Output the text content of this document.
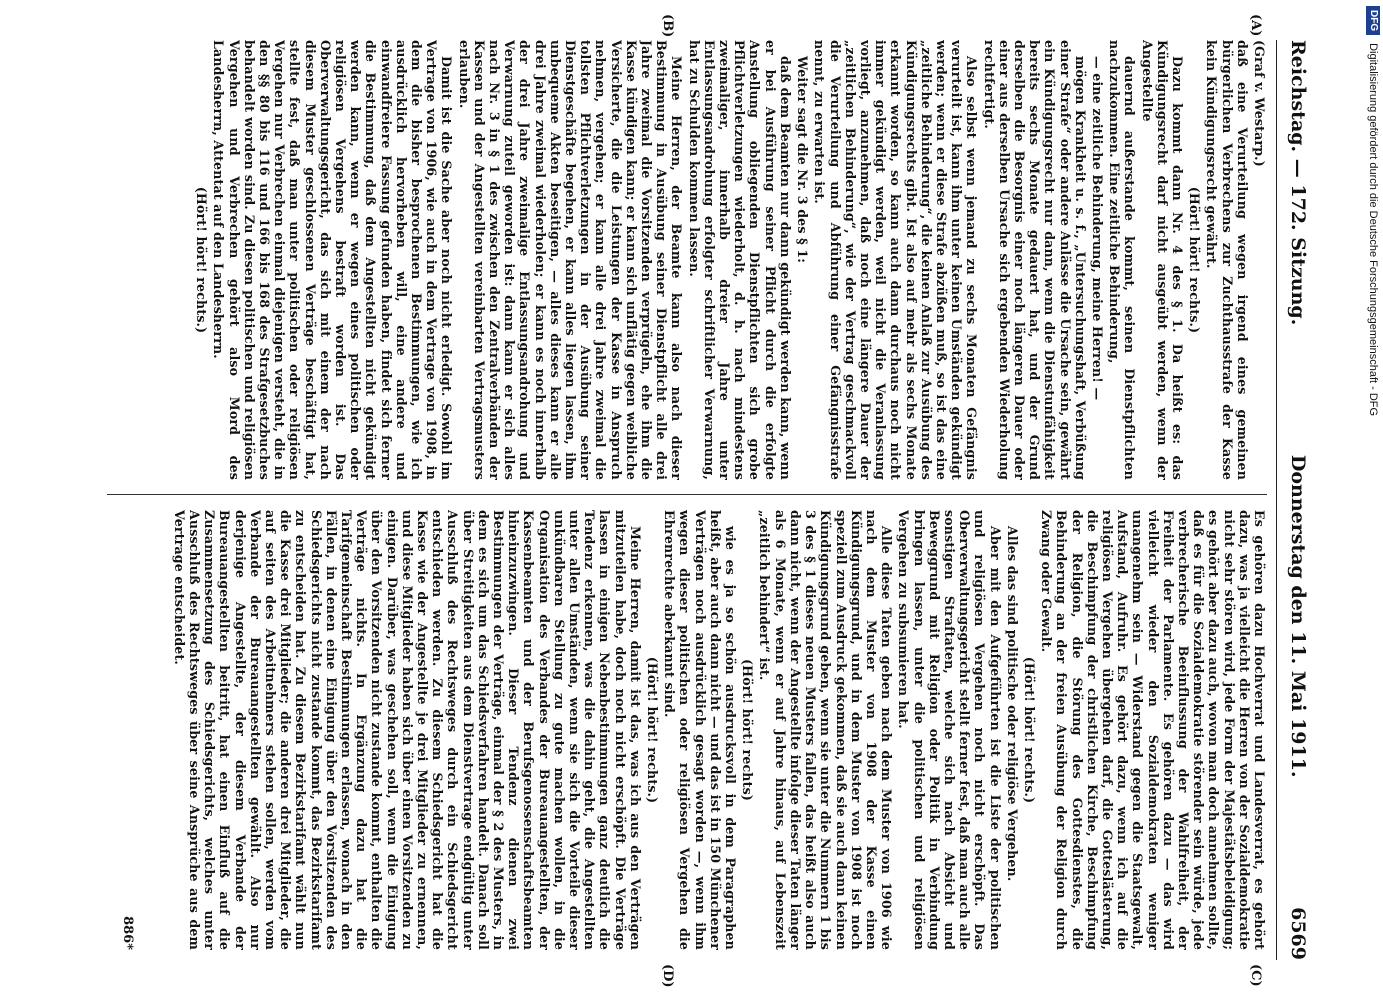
Reichstag. — 172. Sitzung.
Donnerstag den 11. Mai 1911.
6569
(A)
(B)
(C)
(D)

(Graf v. Westarp.)

daß eine Verurteilung wegen irgend eines gemeinen bürgerlichen Verbrechens zur Zuchthausstrafe der Kasse kein Kündigungsrecht gewährt.

(Hört! hört! rechts.)

Dazu kommt dann Nr. 4 des § 1. Da heißt es: das Kündigungsrecht darf nicht ausgeübt werden, wenn der Angestellte

dauernd außerstande kommt, seinen Dienstpflichten nachzukommen. Eine zeitliche Behinderung,

— eine zeitliche Behinderung, meine Herren! —

mögen Krankheit u. s. f., „Untersuchungshaft, Verbüßung einer Strafe“ oder andere Anlässe die Ursache sein, gewährt ein Kündigungsrecht nur dann, wenn die Dienstunfähigkeit bereits sechs Monate gedauert hat, und der Grund derselben die Besorgnis einer noch längeren Dauer oder einer aus derselben Ursache sich ergebenden Wiederholung rechtfertigt.

Also selbst wenn jemand zu sechs Monaten Gefängnis verurteilt ist, kann ihm unter keinen Umständen gekündigt werden; wenn er diese Strafe abzüßen muß, so ist das eine „zeitliche Behinderung“, die keinen Anlaß zur Ausübung des Kündigungsrechts gibt. Ist also auf mehr als sechs Monate erkannt worden, so kann auch dann durchaus noch nicht immer gekündigt werden, weil nicht die Veranlassung vorliegt, anzunehmen, daß noch eine längere Dauer der „zeitlichen Behinderung“, wie der Vertrag geschmackvoll die Verurteilung und Abführung einer Gefängnisstrafe nennt, zu erwarten ist.

Weiter sagt die Nr. 3 des § 1:

daß dem Beamten nur dann gekündigt werden kann, wenn er bei Ausführung seiner Pflicht durch die erfolgte Anstellung obliegenden Dienstpflichten sich grobe Pflichtverletzungen wiederholt, d. h. nach mindestens zweimaliger, innerhalb dreier Jahre unter Entlassungsandrohung erfolgter schriftlicher Verwarnung, hat zu Schulden kommen lassen.

Meine Herren, der Beamte kann also nach dieser Bestimmung in Ausübung seiner Dienstpflicht alle drei Jahre zweimal die Vorsitzenden verprügeln, ehe ihm die Kasse kündigen kann; er kann sich unflätig gegen weibliche Versicherte, die die Leistungen der Kasse in Anspruch nehmen, vergehen; er kann alle drei Jahre zweimal die tollsten Pflichtverletzungen in der Ausübung seiner Dienstgeschäfte begehen, er kann alles liegen lassen, ihm unbequeme Akten beseitigen, — alles dieses kann er alle drei Jahre zweimal wiederholen; er kann es noch innerhalb der drei Jahre zweimalige Entlassungsandrohung und Verwarnung zuteil geworden ist: dann kann er sich alles nach Nr. 3 in § 1 des zwischen den Zentralverbänden der Kassen und der Angestellten vereinbarten Vertragsmusters erlauben.

Damit ist die Sache aber noch nicht erledigt. Sowohl im Vertrage von 1906, wie auch in dem Vertrage von 1908, in dem die bisher besprochenen Bestimmungen, wie ich ausdrücklich hervorheben will, eine andere und einwandfreiere Fassung gefunden haben, findet sich ferner die Bestimmung, daß dem Angestellten nicht gekündigt werden kann, wenn er wegen eines politischen oder religiösen Vergehens bestraft worden ist. Das Oberverwaltungsgericht, das sich mit einem der nach diesem Muster geschlossenen Verträge beschäftigt hat, stellte fest, daß man unter politischen oder religiösen Vergehen nur Verbrechen einmal diejenigen versteht, die in den §§ 80 bis 116 und 166 bis 168 des Strafgesetzbuches behandelt worden sind. Zu diesen politischen und religiösen Vergehen und Verbrechen gehört also Mord des Landesherrn, Attentat auf den Landesherrn.

(Hört! hört! rechts.)

Es gehören dazu Hochverrat und Landesverrat, es gehört dazu, was ja vielleicht die Herren von der Sozialdemokratie nicht sehr stören wird, jede Form der Majestätsbeleidigung; es gehört aber dazu auch, wovon man doch annehmen sollte, daß es für die Sozialdemokratie störender sein würde, jede verbrecherische Beeinflussung der Wahlfreiheit, der Freiheit der Parlamente. Es gehören dazu — das wird vielleicht wieder den Sozialdemokraten weniger unangenehm sein — Widerstand gegen die Staatsgewalt, Aufstand, Aufruhr. Es gehört dazu, wenn ich auf die religiösen Vergehen übergehen darf, die Gotteslästerung, die Beschimpfung der christlichen Kirche, Beschimpfung der Religion, die Störung des Gottesdienstes, die Behinderung an der freien Ausübung der Religion durch Zwang oder Gewalt.

(Hört! hört! rechts.)

Alles das sind politische oder religiöse Vergehen.

Aber mit den Aufgeführten ist die Liste der politischen und religiösen Vergehen noch nicht erschöpft. Das Oberverwaltungsgericht stellt ferner fest, daß man auch alle sonstigen Straftaten, welche sich nach Absicht und Beweggrund mit Religion oder Politik in Verbindung bringen lassen, unter die politischen und religiösen Vergehen zu subsumieren hat.

Alle diese Taten geben nach dem Muster von 1906 wie nach dem Muster von 1908 der Kasse einen Kündigungsgrund, und in dem Muster von 1908 ist noch speziell zum Ausdruck gekommen, daß sie auch dann keinen Kündigungsgrund geben, wenn sie unter die Nummern 1 bis 3 des § 1 dieses neuen Musters fallen, das heißt also auch dann nicht, wenn der Angestellte infolge dieser Taten länger als 6 Monate, wenn er auf Jahre hinaus, auf Lebenszeit „zeitlich behindert“ ist.

(Hört! hört! rechts)

wie es ja so schön ausdrucksvoll in dem Paragraphen heißt, aber auch dann nicht — und das ist in 150 Münchener Verträgen noch ausdrücklich gesagt worden —, wenn ihm wegen dieser politischen oder religiösen Vergehen die Ehrenrechte aberkannt sind.

(Hört! hört! rechts.)

Meine Herren, damit ist das, was ich aus den Verträgen mitzuteilen habe, doch noch nicht erschöpft. Die Verträge lassen in einigen Nebenbestimmungen ganz deutlich die Tendenz erkennen, was die dahin geht, die Angestellten unter allen Umständen, wenn sie sich die Vorteile dieser unkündbaren Stellung zu gute machen wollen, in die Organisation des Verbandes der Bureauangestellten, der Kassenbeamten und der Berufsgenossenschaftsbeamten hineinzuzwingen. Dieser Tendenz dienen zwei Bestimmungen der Verträge, einmal der § 2 des Musters, in dem es sich um das Schiedsverfahren handelt. Danach soll über Streitigkeiten aus dem Dienstvertrage endgültig unter Ausschluß des Rechtsweges durch ein Schiedsgericht entschieden werden. Zu diesem Schiedsgericht hat die Kasse wie der Angestellte je drei Mitglieder zu ernennen, und diese Mitglieder haben sich über einen Vorsitzenden zu einigen. Darüber, was geschehen soll, wenn die Einigung über den Vorsitzenden nicht zustande kommt, enthalten die Verträge nichts. In Ergänzung dazu hat die Tarifgemeinschaft Bestimmungen erlassen, wonach in den Fällen, in denen eine Einigung über den Vorsitzenden des Schiedsgerichts nicht zustande kommt, das Bezirkstarifamt zu entscheiden hat. Zu diesem Bezirkstarifamt wählt nun die Kasse drei Mitglieder; die anderen drei Mitglieder, die auf seiten des Arbeitnehmers stehen sollen, werden vom Verbande der Bureauangestellten gewählt. Also nur derjenige Angestellte, der diesem Verbande der Bureauangestellten beitritt, hat einen Einfluß auf die Zusammensetzung des Schiedsgerichts, welches unter Ausschluß des Rechtsweges über seine Ansprüche aus dem Vertrage entscheidet.

886*
DFG
Digitalisierung gefördert durch die Deutsche Forschungsgemeinschaft - DFG
